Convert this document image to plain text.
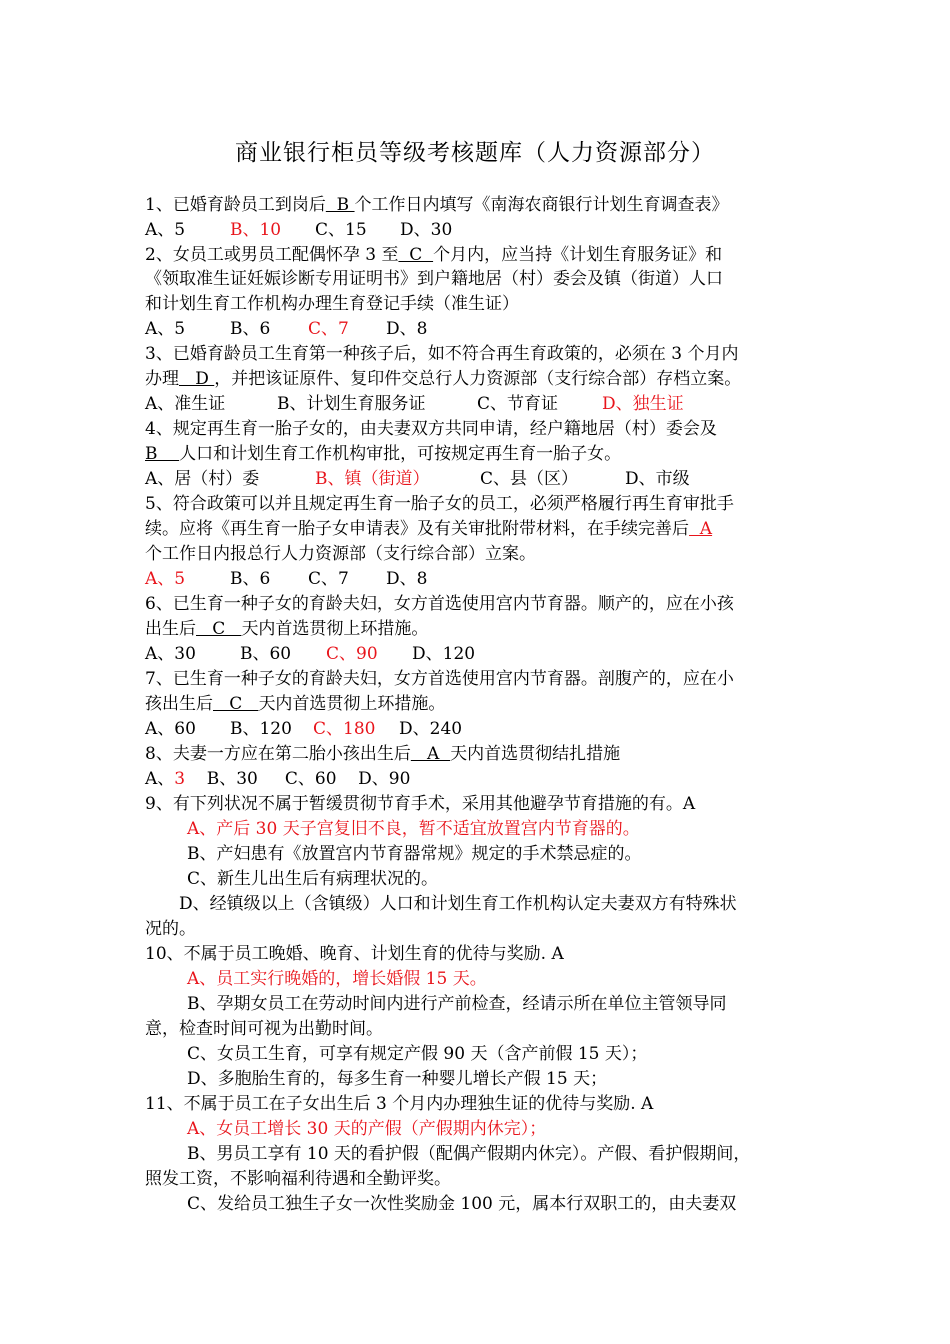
商业银行柜员等级考核题库（人力资源部分）
1、已婚育龄员工到岗后  B 个工作日内填写《南海农商银行计划生育调查表》
A、5	B、10 C、15 D、30
2、女员工或男员工配偶怀孕 3 至  C  个月内，应当持《计划生育服务证》和
《领取准生证妊娠诊断专用证明书》到户籍地居（村）委会及镇（街道）人口
和计划生育工作机构办理生育登记手续（准生证）
A、5	B、6 C、7 D、8
3、已婚育龄员工生育第一种孩子后，如不符合再生育政策的，必须在 3 个月内
办理   D ，并把该证原件、复印件交总行人力资源部（支行综合部）存档立案。
A、准生证	B、计划生育服务证	C、节育证	D、独生证
4、规定再生育一胎子女的，由夫妻双方共同申请，经户籍地居（村）委会及
B    人口和计划生育工作机构审批，可按规定再生育一胎子女。
A、居（村）委	B、镇（街道）	C、县（区）	D、市级
5、符合政策可以并且规定再生育一胎子女的员工，必须严格履行再生育审批手
续。应将《再生育一胎子女申请表》及有关审批附带材料，在手续完善后  A
个工作日内报总行人力资源部（支行综合部）立案。
A、5	B、6 C、7 D、8
6、已生育一种子女的育龄夫妇，女方首选使用宫内节育器。顺产的，应在小孩
出生后   C   天内首选贯彻上环措施。
A、30	B、60 C、90 D、120
7、已生育一种子女的育龄夫妇，女方首选使用宫内节育器。剖腹产的，应在小
孩出生后   C   天内首选贯彻上环措施。
A、60 B、120 C、180 D、240
8、夫妻一方应在第二胎小孩出生后   A  天内首选贯彻结扎措施
A、3    B、30     C、60    D、90
9、有下列状况不属于暂缓贯彻节育手术，采用其他避孕节育措施的有。A
A、产后 30 天子宫复旧不良，暂不适宜放置宫内节育器的。
B、产妇患有《放置宫内节育器常规》规定的手术禁忌症的。
C、新生儿出生后有病理状况的。
D、经镇级以上（含镇级）人口和计划生育工作机构认定夫妻双方有特殊状
况的。
10、不属于员工晚婚、晚育、计划生育的优待与奖励. A
A、员工实行晚婚的，增长婚假 15 天。
B、孕期女员工在劳动时间内进行产前检查，经请示所在单位主管领导同
意，检查时间可视为出勤时间。
C、女员工生育，可享有规定产假 90 天（含产前假 15 天）；
D、多胞胎生育的，每多生育一种婴儿增长产假 15 天；
11、不属于员工在子女出生后 3 个月内办理独生证的优待与奖励. A
A、女员工增长 30 天的产假（产假期内休完）；
B、男员工享有 10 天的看护假（配偶产假期内休完）。产假、看护假期间，
照发工资，不影响福利待遇和全勤评奖。
C、发给员工独生子女一次性奖励金 100 元，属本行双职工的，由夫妻双
